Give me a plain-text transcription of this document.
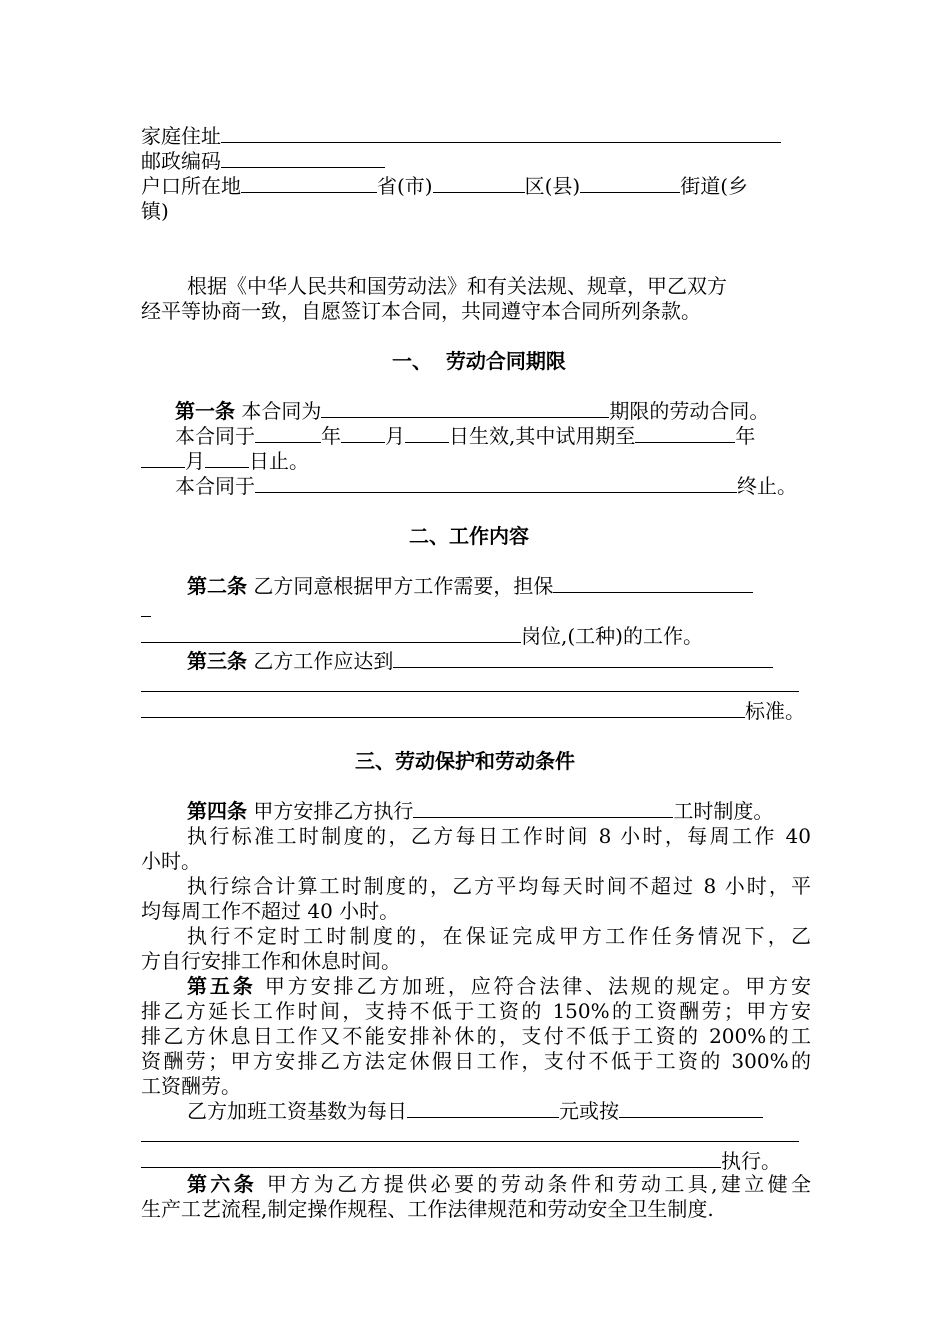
家庭住址
邮政编码
户口所在地	省(市)	区(县)	街道(乡
镇)
根据《中华人民共和国劳动法》和有关法规、规章，甲乙双方
经平等协商一致，自愿签订本合同，共同遵守本合同所列条款。
一、  劳动合同期限
第一条 本合同为	期限的劳动合同。
本合同于	年 月 日生效,其中试用期至	年
月 日止。
本合同于	终止。
二、工作内容
第二条 乙方同意根据甲方工作需要，担保
岗位,(工种)的工作。
第三条 乙方工作应达到
标准。
三、劳动保护和劳动条件
第四条 甲方安排乙方执行	工时制度。
执行标准工时制度的，乙方每日工作时间 8 小时，每周工作 40
小时。
执行综合计算工时制度的，乙方平均每天时间不超过 8 小时，平
均每周工作不超过 40 小时。
执行不定时工时制度的，在保证完成甲方工作任务情况下，乙
方自行安排工作和休息时间。
第五条 甲方安排乙方加班，应符合法律、法规的规定。甲方安
排乙方延长工作时间，支持不低于工资的 150%的工资酬劳；甲方安
排乙方休息日工作又不能安排补休的，支付不低于工资的 200%的工
资酬劳；甲方安排乙方法定休假日工作，支付不低于工资的 300%的
工资酬劳。
乙方加班工资基数为每日	元或按
执行。
第六条 甲方为乙方提供必要的劳动条件和劳动工具,建立健全
生产工艺流程,制定操作规程、工作法律规范和劳动安全卫生制度.
